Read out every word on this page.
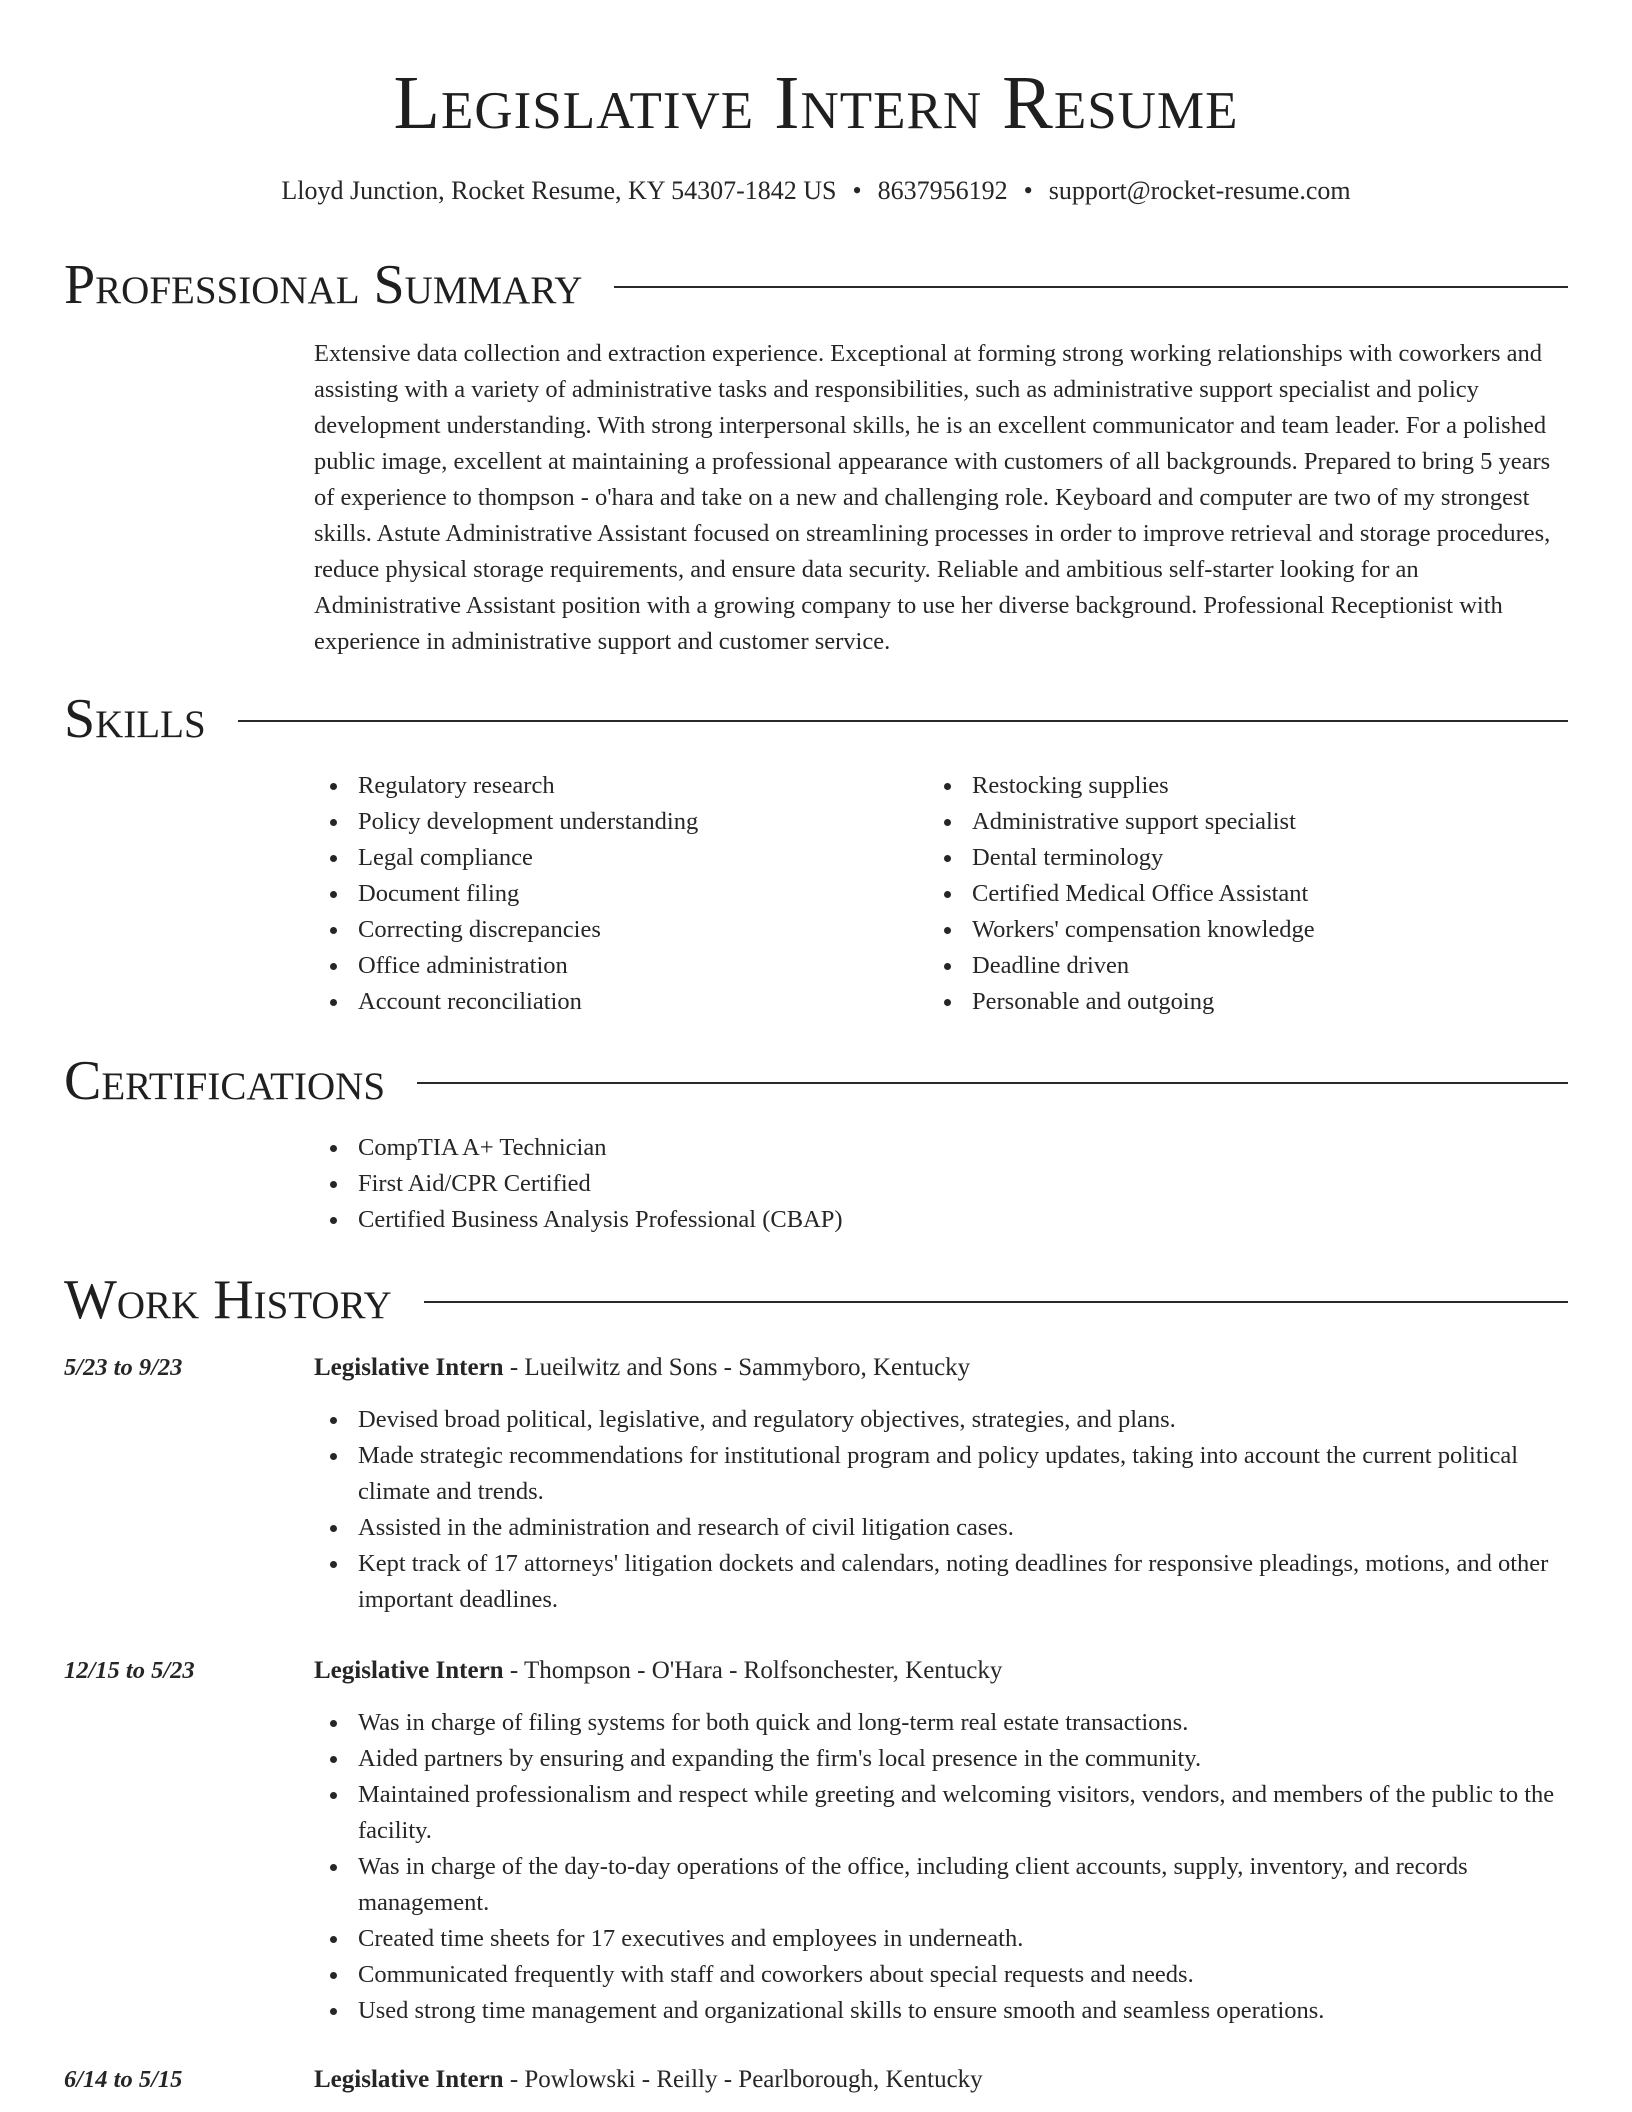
Legislative Intern Resume
Lloyd Junction, Rocket Resume, KY 54307-1842 US • 8637956192 • support@rocket-resume.com
Professional Summary

Extensive data collection and extraction experience. Exceptional at forming strong working relationships with coworkers and assisting with a variety of administrative tasks and responsibilities, such as administrative support specialist and policy development understanding. With strong interpersonal skills, he is an excellent communicator and team leader. For a polished public image, excellent at maintaining a professional appearance with customers of all backgrounds. Prepared to bring 5 years of experience to thompson - o'hara and take on a new and challenging role. Keyboard and computer are two of my strongest skills. Astute Administrative Assistant focused on streamlining processes in order to improve retrieval and storage procedures, reduce physical storage requirements, and ensure data security. Reliable and ambitious self-starter looking for an Administrative Assistant position with a growing company to use her diverse background. Professional Receptionist with experience in administrative support and customer service.

Skills
Regulatory research
Policy development understanding
Legal compliance
Document filing
Correcting discrepancies
Office administration
Account reconciliation
Restocking supplies
Administrative support specialist
Dental terminology
Certified Medical Office Assistant
Workers' compensation knowledge
Deadline driven
Personable and outgoing
Certifications
CompTIA A+ Technician
First Aid/CPR Certified
Certified Business Analysis Professional (CBAP)
Work History
5/23 to 9/23	Legislative Intern - Lueilwitz and Sons - Sammyboro, Kentucky
Devised broad political, legislative, and regulatory objectives, strategies, and plans.
Made strategic recommendations for institutional program and policy updates, taking into account the current political climate and trends.
Assisted in the administration and research of civil litigation cases.
Kept track of 17 attorneys' litigation dockets and calendars, noting deadlines for responsive pleadings, motions, and other important deadlines.
12/15 to 5/23	Legislative Intern - Thompson - O'Hara - Rolfsonchester, Kentucky
Was in charge of filing systems for both quick and long-term real estate transactions.
Aided partners by ensuring and expanding the firm's local presence in the community.
Maintained professionalism and respect while greeting and welcoming visitors, vendors, and members of the public to the facility.
Was in charge of the day-to-day operations of the office, including client accounts, supply, inventory, and records management.
Created time sheets for 17 executives and employees in underneath.
Communicated frequently with staff and coworkers about special requests and needs.
Used strong time management and organizational skills to ensure smooth and seamless operations.
6/14 to 5/15	Legislative Intern - Powlowski - Reilly - Pearlborough, Kentucky
